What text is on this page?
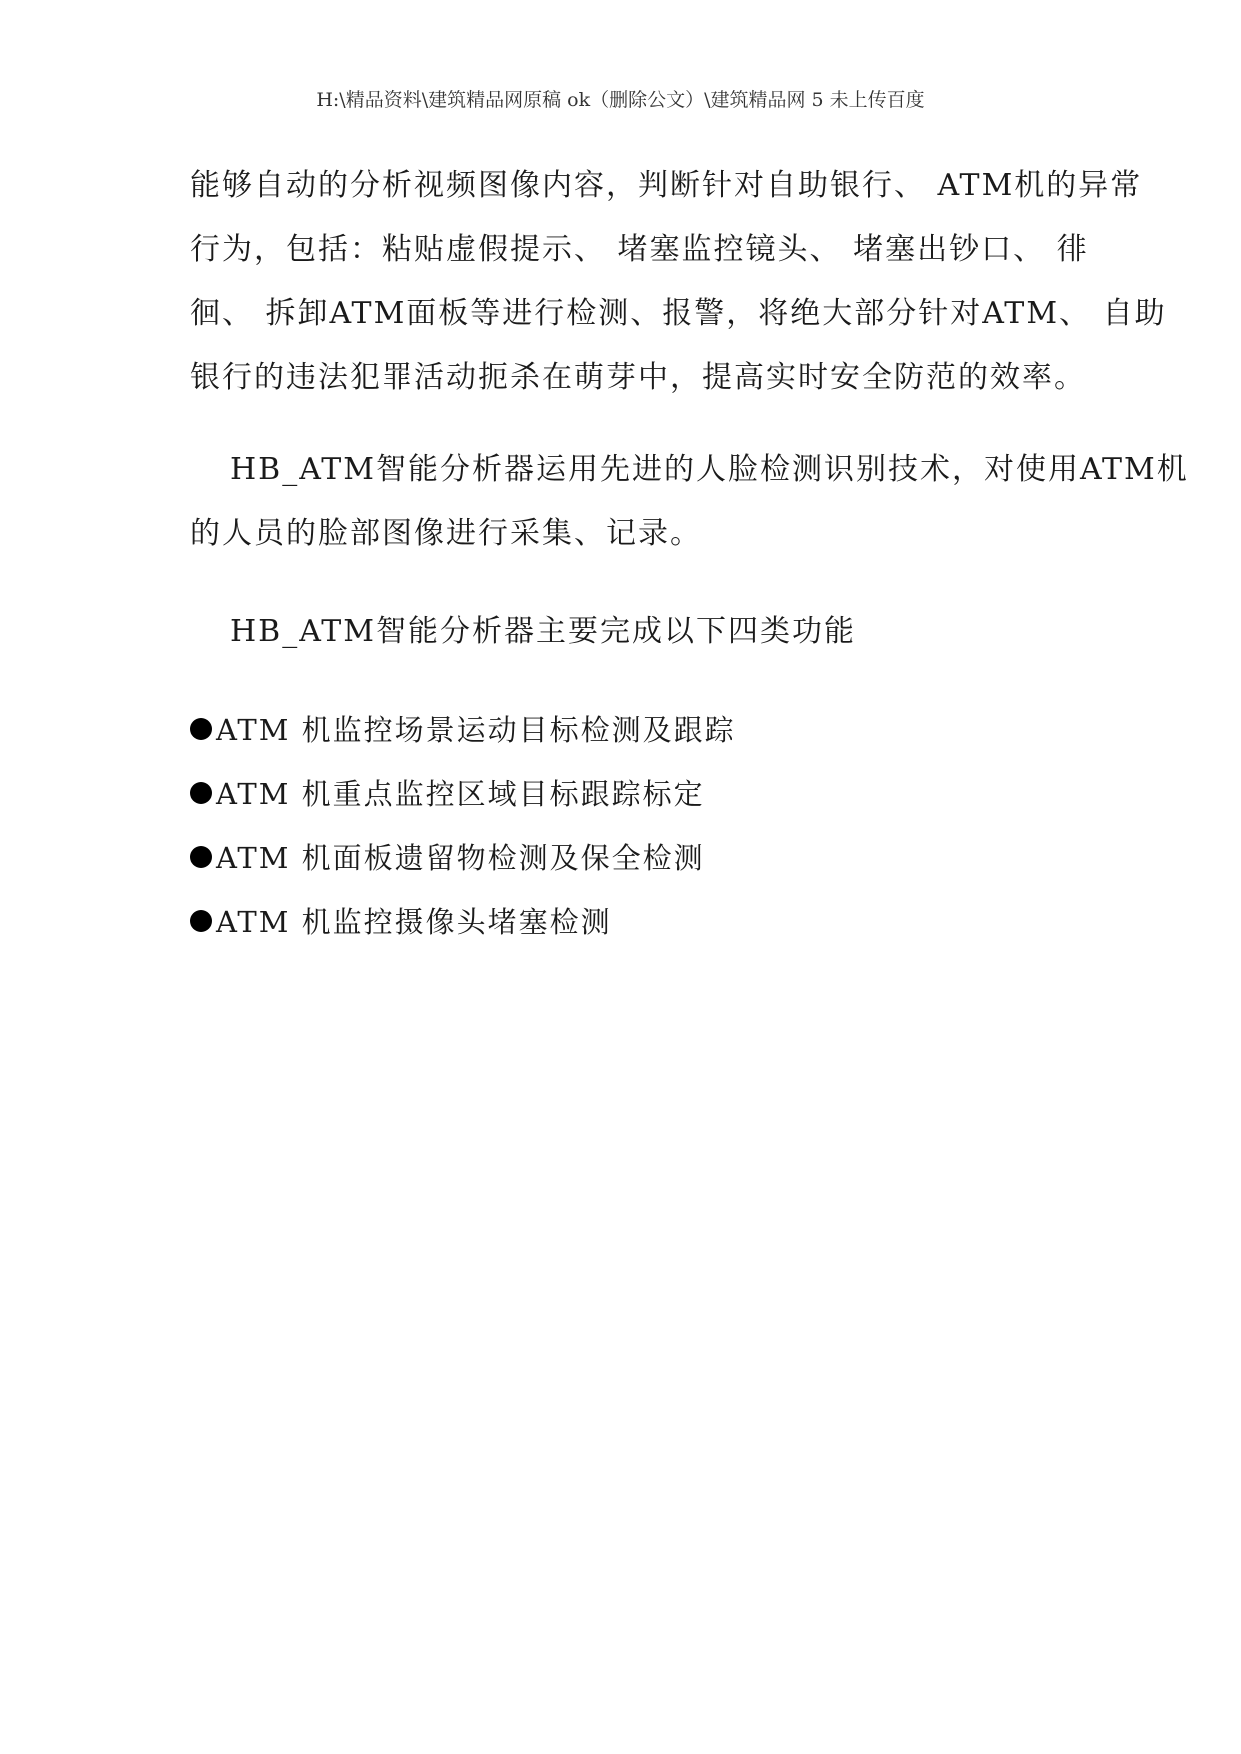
H:\精品资料\建筑精品网原稿 ok（删除公文）\建筑精品网 5 未上传百度
能够自动的分析视频图像内容，判断针对自助银行、 ATM机的异常
行为，包括：粘贴虚假提示、 堵塞监控镜头、 堵塞出钞口、 徘
徊、 拆卸ATM面板等进行检测、报警，将绝大部分针对ATM、 自助
银行的违法犯罪活动扼杀在萌芽中，提高实时安全防范的效率。
HB_ATM智能分析器运用先进的人脸检测识别技术，对使用ATM机
的人员的脸部图像进行采集、记录。
HB_ATM智能分析器主要完成以下四类功能
ATM 机监控场景运动目标检测及跟踪
ATM 机重点监控区域目标跟踪标定
ATM 机面板遗留物检测及保全检测
ATM 机监控摄像头堵塞检测
